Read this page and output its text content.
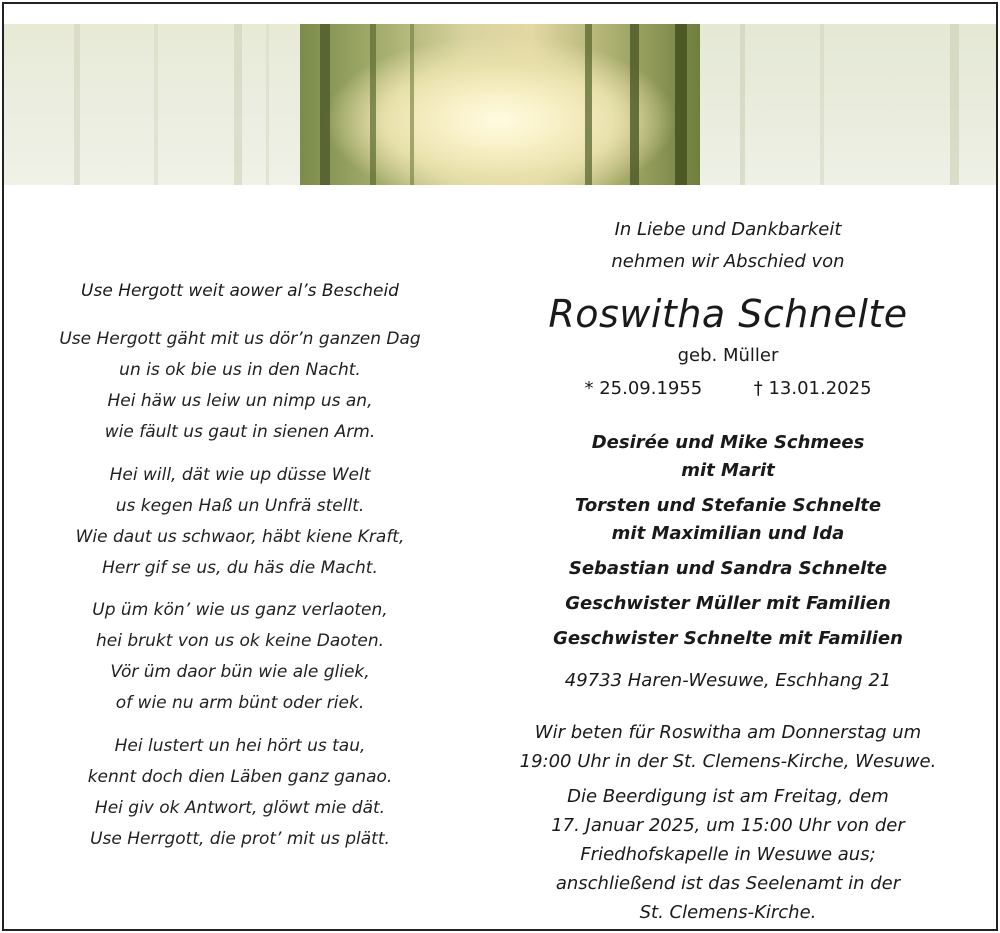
Use Hergott weit aower al’s Bescheid
Use Hergott gäht mit us dör’n ganzen Dag
un is ok bie us in den Nacht.
Hei häw us leiw un nimp us an,
wie fäult us gaut in sienen Arm.
Hei will, dät wie up düsse Welt
us kegen Haß un Unfrä stellt.
Wie daut us schwaor, häbt kiene Kraft,
Herr gif se us, du häs die Macht.
Up üm kön’ wie us ganz verlaoten,
hei brukt von us ok keine Daoten.
Vör üm daor bün wie ale gliek,
of wie nu arm bünt oder riek.
Hei lustert un hei hört us tau,
kennt doch dien Läben ganz ganao.
Hei giv ok Antwort, glöwt mie dät.
Use Herrgott, die prot’ mit us plätt.
In Liebe und Dankbarkeit
nehmen wir Abschied von
Roswitha Schnelte
geb. Müller
* 25.09.1955	† 13.01.2025
Desirée und Mike Schmees
mit Marit
Torsten und Stefanie Schnelte
mit Maximilian und Ida
Sebastian und Sandra Schnelte
Geschwister Müller mit Familien
Geschwister Schnelte mit Familien
49733 Haren-Wesuwe, Eschhang 21
Wir beten für Roswitha am Donnerstag um
19:00 Uhr in der St. Clemens-Kirche, Wesuwe.
Die Beerdigung ist am Freitag, dem
17. Januar 2025, um 15:00 Uhr von der
Friedhofskapelle in Wesuwe aus;
anschließend ist das Seelenamt in der
St. Clemens-Kirche.
